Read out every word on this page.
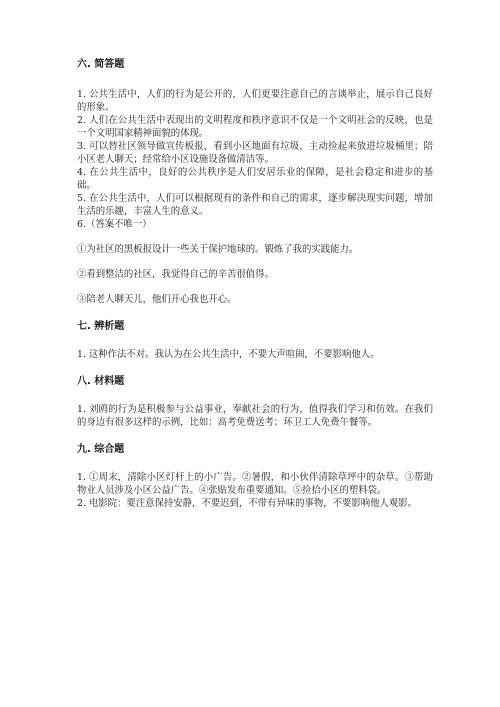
六. 简答题

1. 公共生活中，人们的行为是公开的，人们更要注意自己的言谈举止，展示自己良好的形象。

2. 人们在公共生活中表现出的文明程度和秩序意识不仅是一个文明社会的反映，也是一个文明国家精神面貌的体现。

3. 可以替社区领导做宣传板报，看到小区地面有垃圾，主动捡起来放进垃圾桶里；陪小区老人聊天；经常给小区设施设备做清洁等。

4. 在公共生活中，良好的公共秩序是人们安居乐业的保障，是社会稳定和进步的基础。

5. 在公共生活中，人们可以根据现有的条件和自己的需求，逐步解决现实问题，增加生活的乐趣，丰富人生的意义。

6.（答案不唯一）

①为社区的黑板报设计一些关于保护地球的。锻炼了我的实践能力。

②看到整洁的社区，我觉得自己的辛苦很值得。

③陪老人聊天儿，他们开心我也开心。

七. 辨析题

1. 这种作法不对。我认为在公共生活中，不要大声喧闹，不要影响他人。

八. 材料题

1. 刘鸥的行为是积极参与公益事业，奉献社会的行为，值得我们学习和仿效。在我们的身边有很多这样的示例，比如：高考免费送考；环卫工人免费午餐等。

九. 综合题

1. ①周末，清除小区灯杆上的小广告。②暑假，和小伙伴清除草坪中的杂草。③帮助物业人员涉及小区公益广告。④张贴发布重要通知。⑤捡拾小区的塑料袋。

2. 电影院：要注意保持安静，不要迟到，不带有异味的事物，不要影响他人观影。
